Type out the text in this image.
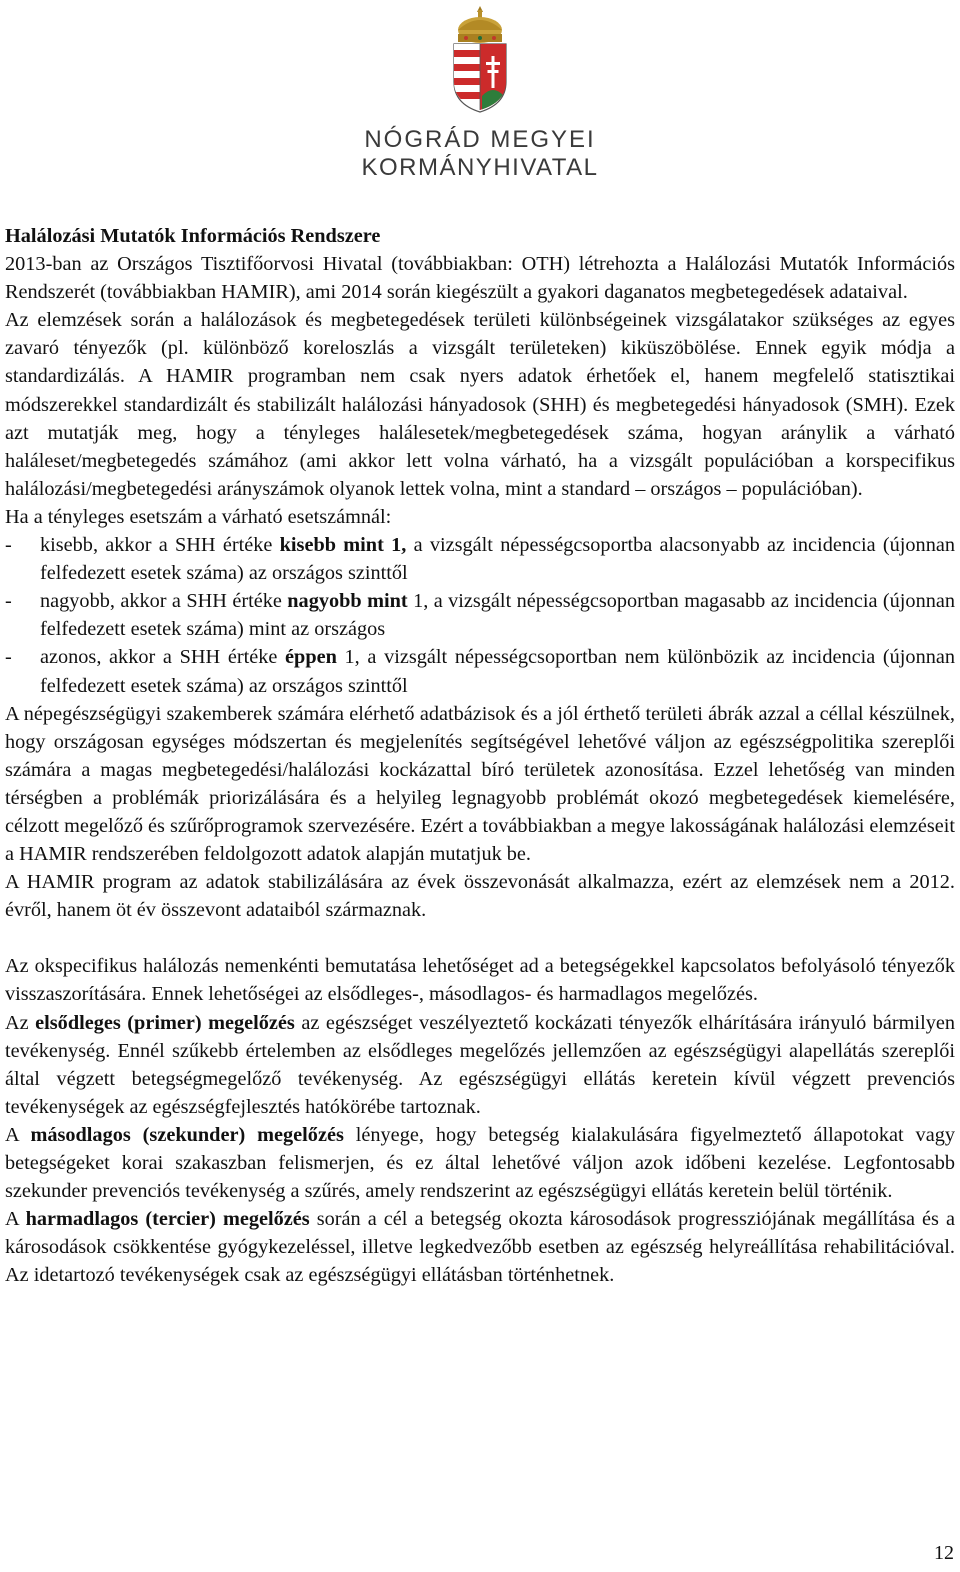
NÓGRÁD MEGYEI
KORMÁNYHIVATAL
Halálozási Mutatók Információs Rendszere

2013-ban az Országos Tisztifőorvosi Hivatal (továbbiakban: OTH) létrehozta a Halálozási Mutatók Információs Rendszerét (továbbiakban HAMIR), ami 2014 során kiegészült a gyakori daganatos megbetegedések adataival.

Az elemzések során a halálozások és megbetegedések területi különbségeinek vizsgálatakor szükséges az egyes zavaró tényezők (pl. különböző koreloszlás a vizsgált területeken) kiküszöbölése. Ennek egyik módja a standardizálás. A HAMIR programban nem csak nyers adatok érhetőek el, hanem megfelelő statisztikai módszerekkel standardizált és stabilizált halálozási hányadosok (SHH) és megbetegedési hányadosok (SMH). Ezek azt mutatják meg, hogy a tényleges halálesetek/megbetegedések száma, hogyan aránylik a várható haláleset/megbetegedés számához (ami akkor lett volna várható, ha a vizsgált populációban a korspecifikus halálozási/megbetegedési arányszámok olyanok lettek volna, mint a standard – országos – populációban).

Ha a tényleges esetszám a várható esetszámnál:

- kisebb, akkor a SHH értéke kisebb mint 1, a vizsgált népességcsoportba alacsonyabb az incidencia (újonnan felfedezett esetek száma) az országos szinttől
- nagyobb, akkor a SHH értéke nagyobb mint 1, a vizsgált népességcsoportban magasabb az incidencia (újonnan felfedezett esetek száma) mint az országos
- azonos, akkor a SHH értéke éppen 1, a vizsgált népességcsoportban nem különbözik az incidencia (újonnan felfedezett esetek száma) az országos szinttől

A népegészségügyi szakemberek számára elérhető adatbázisok és a jól érthető területi ábrák azzal a céllal készülnek, hogy országosan egységes módszertan és megjelenítés segítségével lehetővé váljon az egészségpolitika szereplői számára a magas megbetegedési/halálozási kockázattal bíró területek azonosítása. Ezzel lehetőség van minden térségben a problémák priorizálására és a helyileg legnagyobb problémát okozó megbetegedések kiemelésére, célzott megelőző és szűrőprogramok szervezésére. Ezért a továbbiakban a megye lakosságának halálozási elemzéseit a HAMIR rendszerében feldolgozott adatok alapján mutatjuk be.

A HAMIR program az adatok stabilizálására az évek összevonását alkalmazza, ezért az elemzések nem a 2012. évről, hanem öt év összevont adataiból származnak.

Az okspecifikus halálozás nemenkénti bemutatása lehetőséget ad a betegségekkel kapcsolatos befolyásoló tényezők visszaszorítására. Ennek lehetőségei az elsődleges-, másodlagos- és harmadlagos megelőzés.

Az elsődleges (primer) megelőzés az egészséget veszélyeztető kockázati tényezők elhárítására irányuló bármilyen tevékenység. Ennél szűkebb értelemben az elsődleges megelőzés jellemzően az egészségügyi alapellátás szereplői által végzett betegségmegelőző tevékenység. Az egészségügyi ellátás keretein kívül végzett prevenciós tevékenységek az egészségfejlesztés hatókörébe tartoznak.

A másodlagos (szekunder) megelőzés lényege, hogy betegség kialakulására figyelmeztető állapotokat vagy betegségeket korai szakaszban felismerjen, és ez által lehetővé váljon azok időbeni kezelése. Legfontosabb szekunder prevenciós tevékenység a szűrés, amely rendszerint az egészségügyi ellátás keretein belül történik.

A harmadlagos (tercier) megelőzés során a cél a betegség okozta károsodások progressziójának megállítása és a károsodások csökkentése gyógykezeléssel, illetve legkedvezőbb esetben az egészség helyreállítása rehabilitációval. Az idetartozó tevékenységek csak az egészségügyi ellátásban történhetnek.

12
